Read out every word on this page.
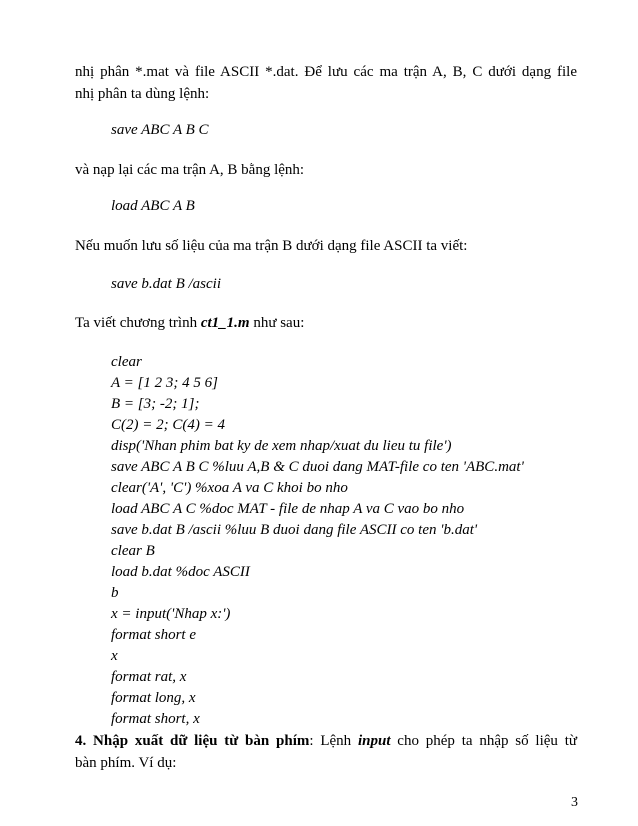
nhị phân *.mat và file ASCII *.dat. Để lưu các ma trận A, B, C dưới dạng file
nhị phân ta dùng lệnh:
save ABC A B C
và nạp lại các ma trận A, B bằng lệnh:
load ABC A B
Nếu muốn lưu số liệu của ma trận B dưới dạng file ASCII ta viết:
save b.dat B /ascii
Ta viết chương trình ct1_1.m như sau:
clear
A = [1 2 3; 4 5 6]
B = [3; -2; 1];
C(2) = 2; C(4) = 4
disp('Nhan phim bat ky de xem nhap/xuat du lieu tu file')
save ABC A B C %luu A,B & C duoi dang MAT-file co ten 'ABC.mat'
clear('A', 'C') %xoa A va C khoi bo nho
load ABC A C %doc MAT - file de nhap A va C vao bo nho
save b.dat B /ascii %luu B duoi dang file ASCII co ten 'b.dat'
clear B
load b.dat %doc ASCII
b
x = input('Nhap x:')
format short e
x
format rat, x
format long, x
format short, x
4. Nhập xuất dữ liệu từ bàn phím: Lệnh input cho phép ta nhập số liệu từ
bàn phím. Ví dụ:
3
